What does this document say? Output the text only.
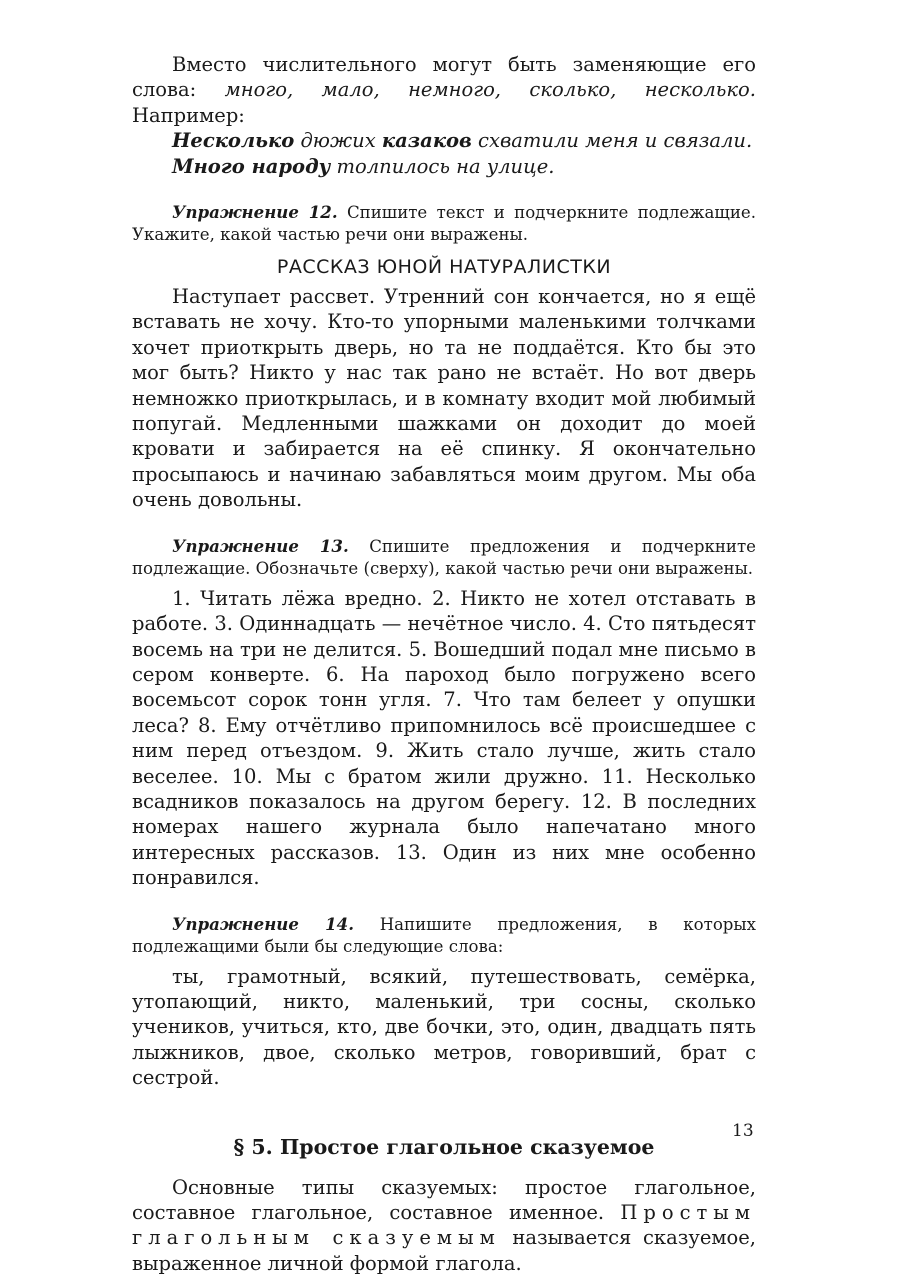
Вместо числительного могут быть заменяющие его слова: много, мало, немного, сколько, несколько. Например:

Несколько дюжих казаков схватили меня и связали.

Много народу толпилось на улице.

Упражнение 12. Спишите текст и подчеркните подлежащие. Укажите, какой частью речи они выражены.

РАССКАЗ ЮНОЙ НАТУРАЛИСТКИ

Наступает рассвет. Утренний сон кончается, но я ещё вставать не хочу. Кто-то упорными маленькими толчками хочет приоткрыть дверь, но та не поддаётся. Кто бы это мог быть? Никто у нас так рано не встаёт. Но вот дверь немножко приоткрылась, и в комнату входит мой любимый попугай. Медленными шажками он доходит до моей кровати и забирается на её спинку. Я окончательно просыпаюсь и начинаю забавляться моим другом. Мы оба очень довольны.

Упражнение 13. Спишите предложения и подчеркните подлежащие. Обозначьте (сверху), какой частью речи они выражены.

1. Читать лёжа вредно. 2. Никто не хотел отставать в работе. 3. Одиннадцать — нечётное число. 4. Сто пятьдесят восемь на три не делится. 5. Вошедший подал мне письмо в сером конверте. 6. На пароход было погружено всего восемьсот сорок тонн угля. 7. Что там белеет у опушки леса? 8. Ему отчётливо припомнилось всё происшедшее с ним перед отъездом. 9. Жить стало лучше, жить стало веселее. 10. Мы с братом жили дружно. 11. Несколько всадников показалось на другом берегу. 12. В последних номерах нашего журнала было напечатано много интересных рассказов. 13. Один из них мне особенно понравился.

Упражнение 14. Напишите предложения, в которых подлежащими были бы следующие слова:

ты, грамотный, всякий, путешествовать, семёрка, утопающий, никто, маленький, три сосны, сколько учеников, учиться, кто, две бочки, это, один, двадцать пять лыжников, двое, сколько метров, говоривший, брат с сестрой.

§ 5. Простое глагольное сказуемое

Основные типы сказуемых: простое глагольное, составное глагольное, составное именное. Простым глагольным сказуемым называется сказуемое, выраженное личной формой глагола.

13
